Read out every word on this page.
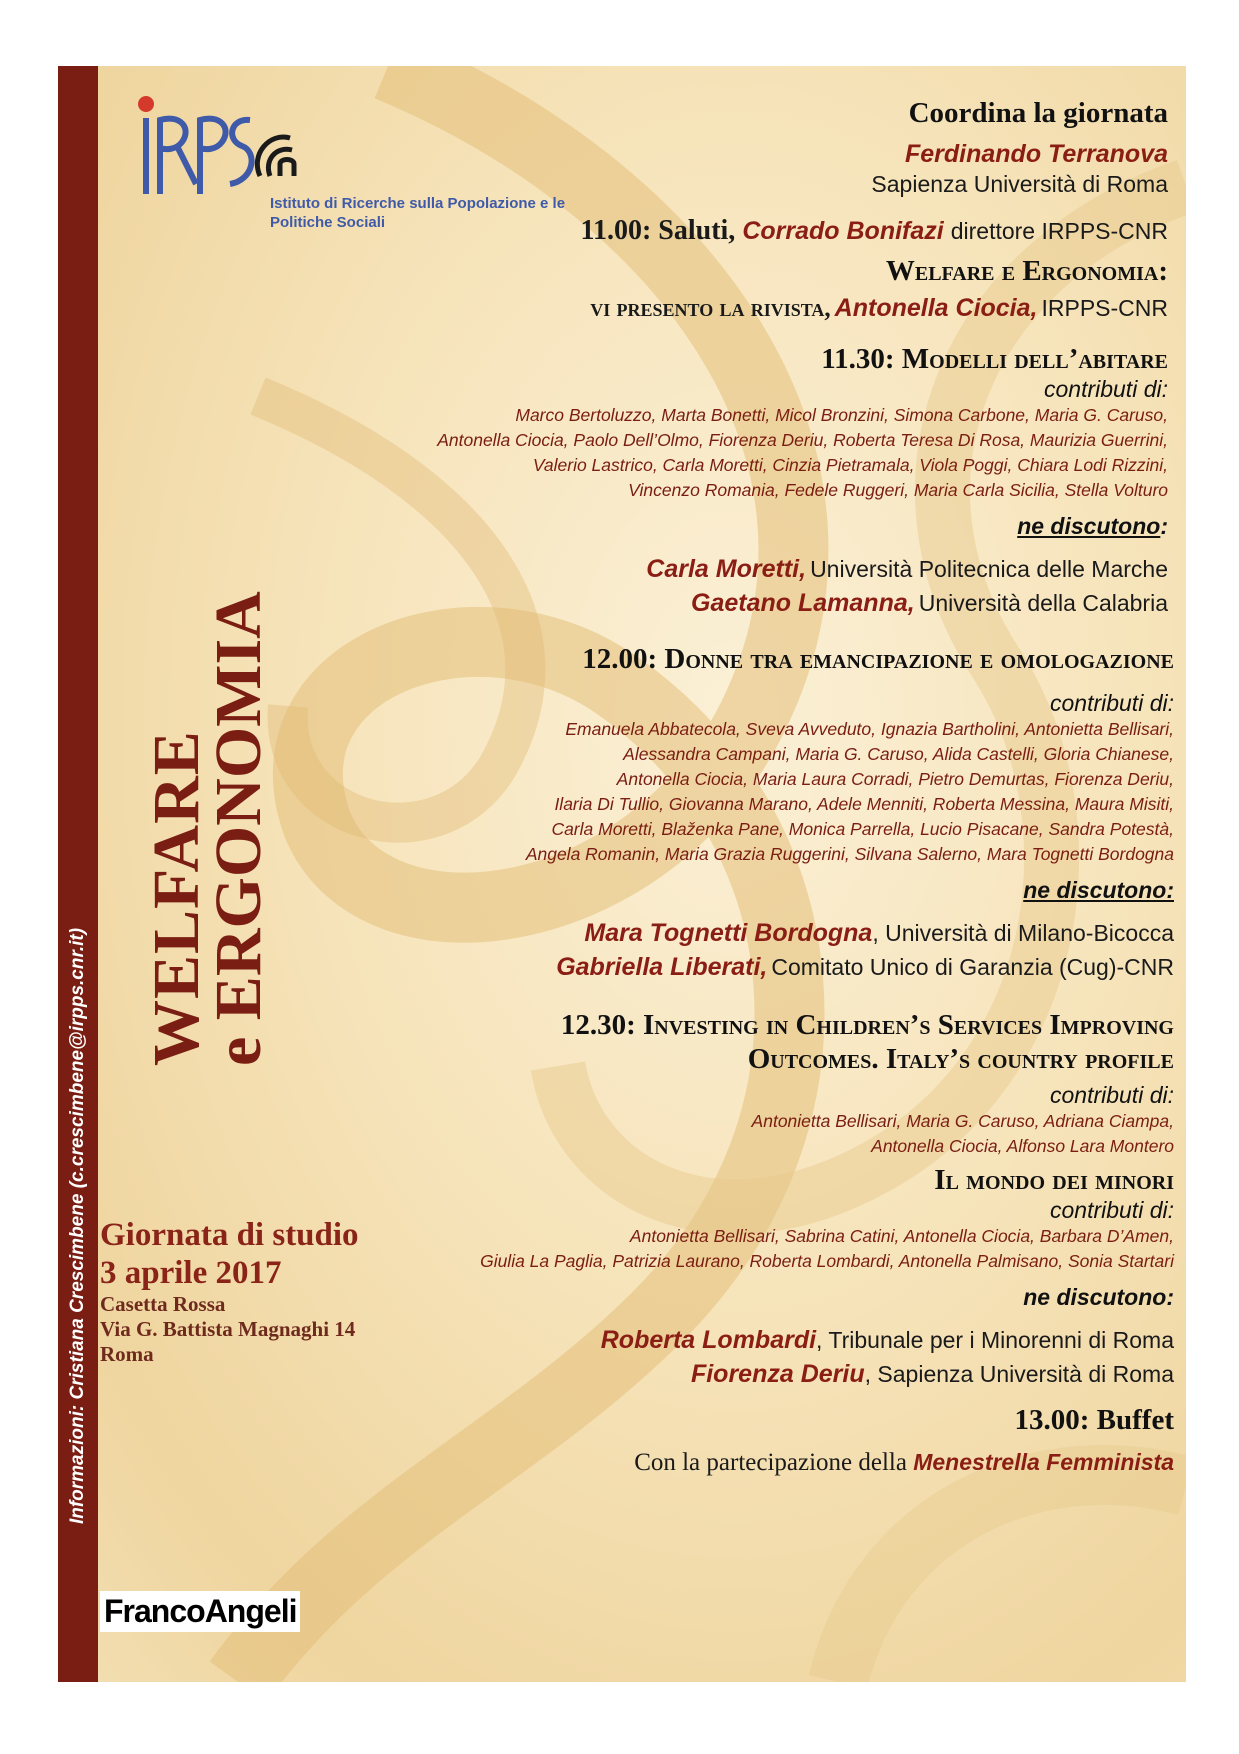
Informazioni: Cristiana Crescimbene (c.crescimbene@irpps.cnr.it)
Istituto di Ricerche sulla Popolazione e le
Politiche Sociali
WELFARE
e ERGONOMIA
Giornata di studio
3 aprile 2017
Casetta Rossa
Via G. Battista Magnaghi 14
Roma
FrancoAngeli
Coordina la giornata
Ferdinando Terranova
Sapienza Università di Roma
11.00: Saluti, Corrado Bonifazi direttore IRPPS-CNR
Welfare e Ergonomia:
vi presento la rivista, Antonella Ciocia, IRPPS-CNR
11.30: Modelli dell’abitare
contributi di:
Marco Bertoluzzo, Marta Bonetti, Micol Bronzini, Simona Carbone, Maria G. Caruso,
Antonella Ciocia, Paolo Dell’Olmo, Fiorenza Deriu, Roberta Teresa Di Rosa, Maurizia Guerrini,
Valerio Lastrico, Carla Moretti, Cinzia Pietramala, Viola Poggi, Chiara Lodi Rizzini,
Vincenzo Romania, Fedele Ruggeri, Maria Carla Sicilia, Stella Volturo
ne discutono:
Carla Moretti, Università Politecnica delle Marche
Gaetano Lamanna, Università della Calabria
12.00: Donne tra emancipazione e omologazione
contributi di:
Emanuela Abbatecola, Sveva Avveduto, Ignazia Bartholini, Antonietta Bellisari,
Alessandra Campani, Maria G. Caruso, Alida Castelli, Gloria Chianese,
Antonella Ciocia, Maria Laura Corradi, Pietro Demurtas, Fiorenza Deriu,
Ilaria Di Tullio, Giovanna Marano, Adele Menniti, Roberta Messina, Maura Misiti,
Carla Moretti, Blaženka Pane, Monica Parrella, Lucio Pisacane, Sandra Potestà,
Angela Romanin, Maria Grazia Ruggerini, Silvana Salerno, Mara Tognetti Bordogna
ne discutono:
Mara Tognetti Bordogna, Università di Milano-Bicocca
Gabriella Liberati, Comitato Unico di Garanzia (Cug)-CNR
12.30: Investing in Children’s Services Improving
Outcomes. Italy’s country profile
contributi di:
Antonietta Bellisari, Maria G. Caruso, Adriana Ciampa,
Antonella Ciocia, Alfonso Lara Montero
Il mondo dei minori
contributi di:
Antonietta Bellisari, Sabrina Catini, Antonella Ciocia, Barbara D’Amen,
Giulia La Paglia, Patrizia Laurano, Roberta Lombardi, Antonella Palmisano, Sonia Startari
ne discutono:
Roberta Lombardi, Tribunale per i Minorenni di Roma
Fiorenza Deriu, Sapienza Università di Roma
13.00: Buffet
Con la partecipazione della Menestrella Femminista
